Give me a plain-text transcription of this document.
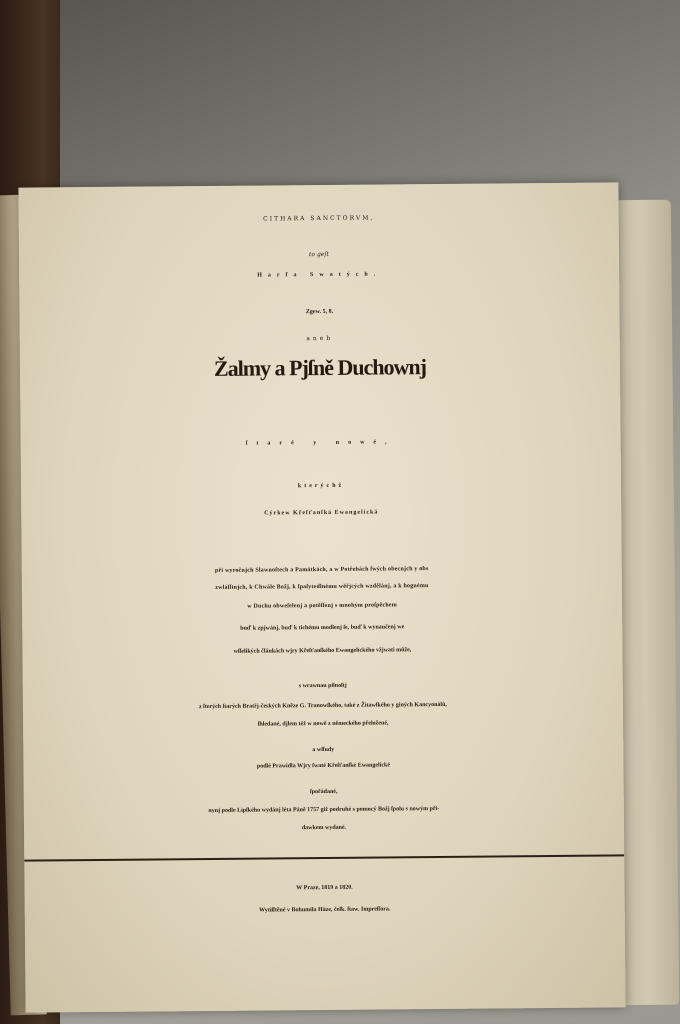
CITHARA SANCTORVM,
to geſt
Harfa Swatých.
Zgew. 5, 8.
aneb
Žalmy a Pjſně Duchownj
ſtaré y nowé,
kterýchž
Cýrkew Křeſťanſká Ewangelická
při wyročnjch Slawnoſtech a Památkách, a w Potřebách ſwých obecnjch y obs
zwláſſtnjch, k Chwále Božj, k ſpaſytedlnému wěřjcých wzdělánj, a k hognému
w Duchu obweſelenj a potěſſenj s mnohým proſpěchem
buď k zpjwánj, buď k tichému modlenj ſe, buď k wynaučenj we
wſſelikých článkách wjry Křeſťanſkého Ewangelického vžjwati může,
s wrawnau pilnoſtj
z ſterých ſtarých Bratřj-českých Kněze G. Tranowſkého, také z Žitawſkého y giných Kancyonálů,
ſhledané, djlem též w nowě z německého přeložené,
a wſſudy
podlé Prawidla Wjry ſwaté Křeſťanſké Ewangelické
ſpořádané,
nynj podle Lipſkého wydánj léta Páně 1757 giž podruhé s pomocý Božj ſpolu s nowým při-
dawkem wydané.
W Praze, 1819 a 1820.
Wytiſſtěné v Bohumila Háze, čeſk. ſtaw. Impreſſora.
